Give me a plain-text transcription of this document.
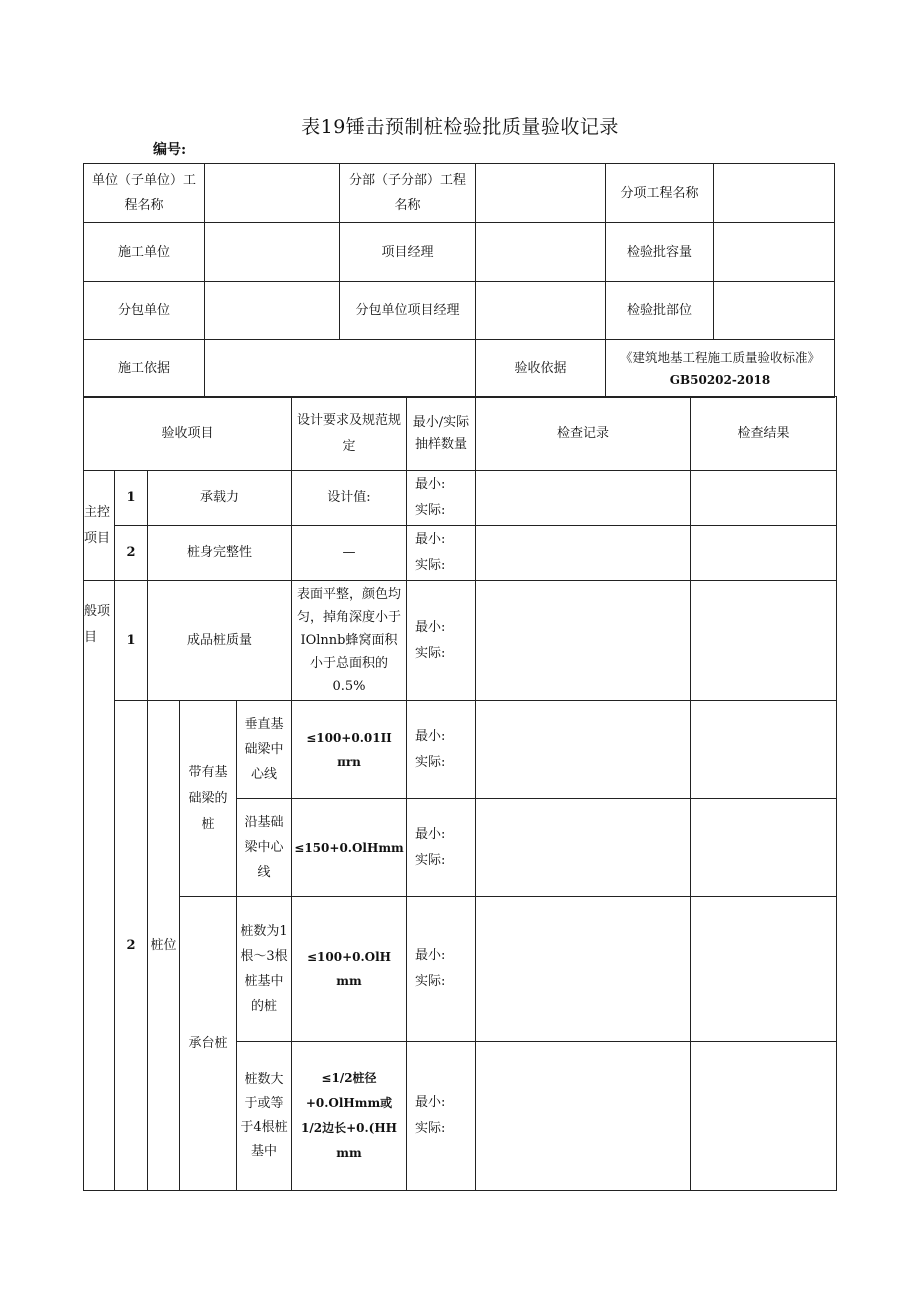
表19锤击预制桩检验批质量验收记录
编号:
单位（子单位）工程名称		分部（子分部）工程名称		分项工程名称	
施工单位		项目经理		检验批容量	
分包单位		分包单位项目经理		检验批部位	
施工依据			验收依据	《建筑地基工程施工质量验收标准》
GB50202-2018	
验收项目					设计要求及规范规定	最小/实际抽样数量	检查记录	检查结果
主控项目	1	承载力			设计值:	最小:
实际:		

	2	桩身完整性			—	最小:
实际:		

般项目	1	成品桩质量			表面平整，颜色均匀，掉角深度小于IOlnnb蜂窝面积小于总面积的0.5%	最小:
实际:		

	2	桩位	带有基础梁的桩	垂直基础梁中心线	≤100+0.01II πrn	最小:
实际:		

				沿基础梁中心线	≤150+0.OlHmm	最小:
实际:		

			承台桩	桩数为1根～3根桩基中的桩	≤100+0.OlH mm	最小:
实际:		

				桩数大于或等于4根桩基中	≤1/2桩径 +0.OlHmm或 1/2边长+0.(HH mm	最小:
实际:		
